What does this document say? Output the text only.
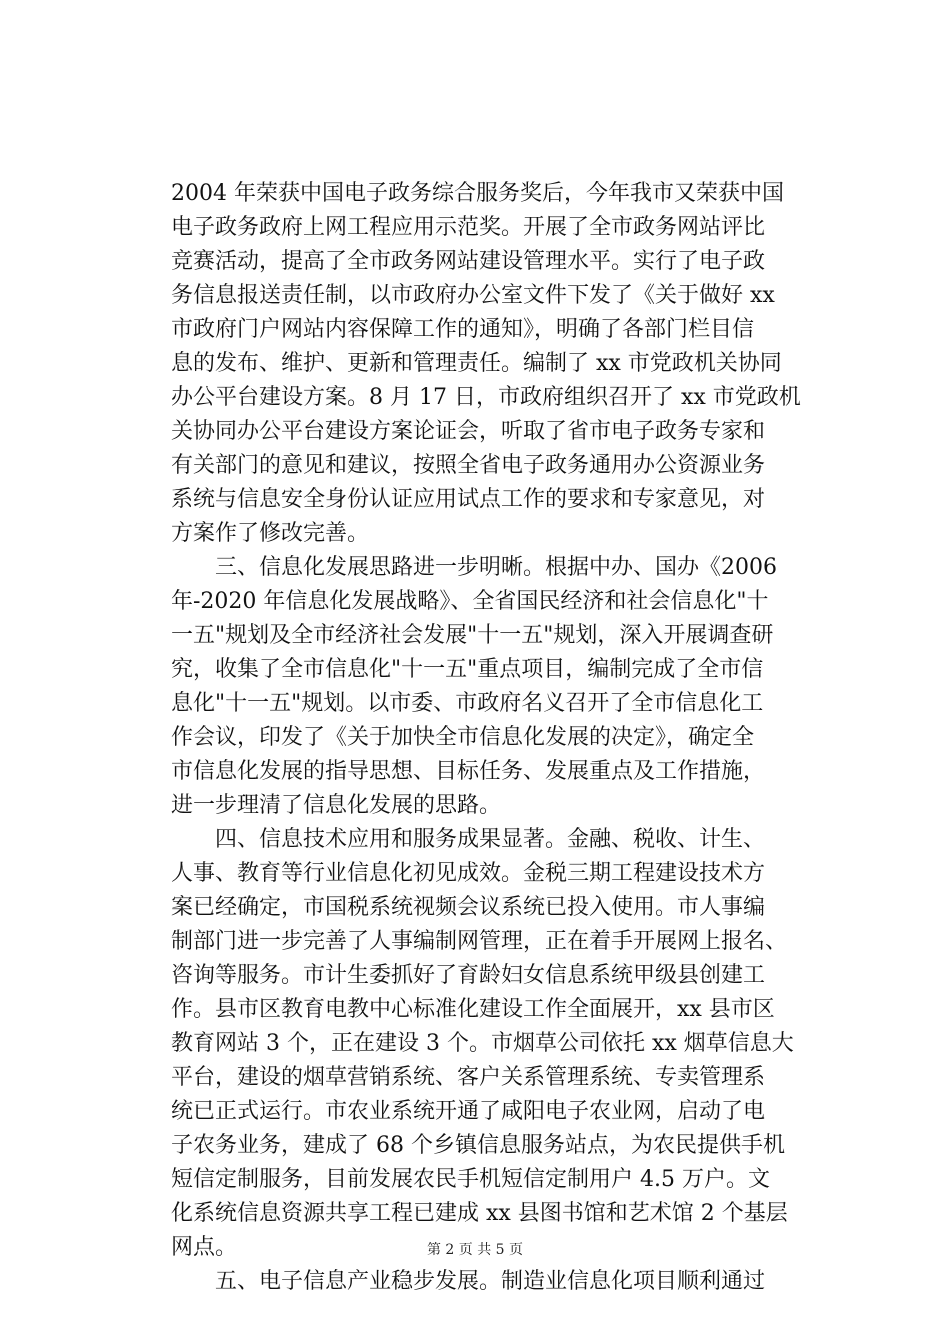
2004 年荣获中国电子政务综合服务奖后，今年我市又荣获中国
电子政务政府上网工程应用示范奖。开展了全市政务网站评比
竞赛活动，提高了全市政务网站建设管理水平。实行了电子政
务信息报送责任制，以市政府办公室文件下发了《关于做好 xx
市政府门户网站内容保障工作的通知》，明确了各部门栏目信
息的发布、维护、更新和管理责任。编制了 xx 市党政机关协同
办公平台建设方案。8 月 17 日，市政府组织召开了 xx 市党政机
关协同办公平台建设方案论证会，听取了省市电子政务专家和
有关部门的意见和建议，按照全省电子政务通用办公资源业务
系统与信息安全身份认证应用试点工作的要求和专家意见，对
方案作了修改完善。
　　三、信息化发展思路进一步明晰。根据中办、国办《2006
年-2020 年信息化发展战略》、全省国民经济和社会信息化"十
一五"规划及全市经济社会发展"十一五"规划，深入开展调查研
究，收集了全市信息化"十一五"重点项目，编制完成了全市信
息化"十一五"规划。以市委、市政府名义召开了全市信息化工
作会议，印发了《关于加快全市信息化发展的决定》，确定全
市信息化发展的指导思想、目标任务、发展重点及工作措施，
进一步理清了信息化发展的思路。
　　四、信息技术应用和服务成果显著。金融、税收、计生、
人事、教育等行业信息化初见成效。金税三期工程建设技术方
案已经确定，市国税系统视频会议系统已投入使用。市人事编
制部门进一步完善了人事编制网管理，正在着手开展网上报名、
咨询等服务。市计生委抓好了育龄妇女信息系统甲级县创建工
作。县市区教育电教中心标准化建设工作全面展开，xx 县市区
教育网站 3 个，正在建设 3 个。市烟草公司依托 xx 烟草信息大
平台，建设的烟草营销系统、客户关系管理系统、专卖管理系
统已正式运行。市农业系统开通了咸阳电子农业网，启动了电
子农务业务，建成了 68 个乡镇信息服务站点，为农民提供手机
短信定制服务，目前发展农民手机短信定制用户 4.5 万户。文
化系统信息资源共享工程已建成 xx 县图书馆和艺术馆 2 个基层
网点。
　　五、电子信息产业稳步发展。制造业信息化项目顺利通过
第 2 页 共 5 页
